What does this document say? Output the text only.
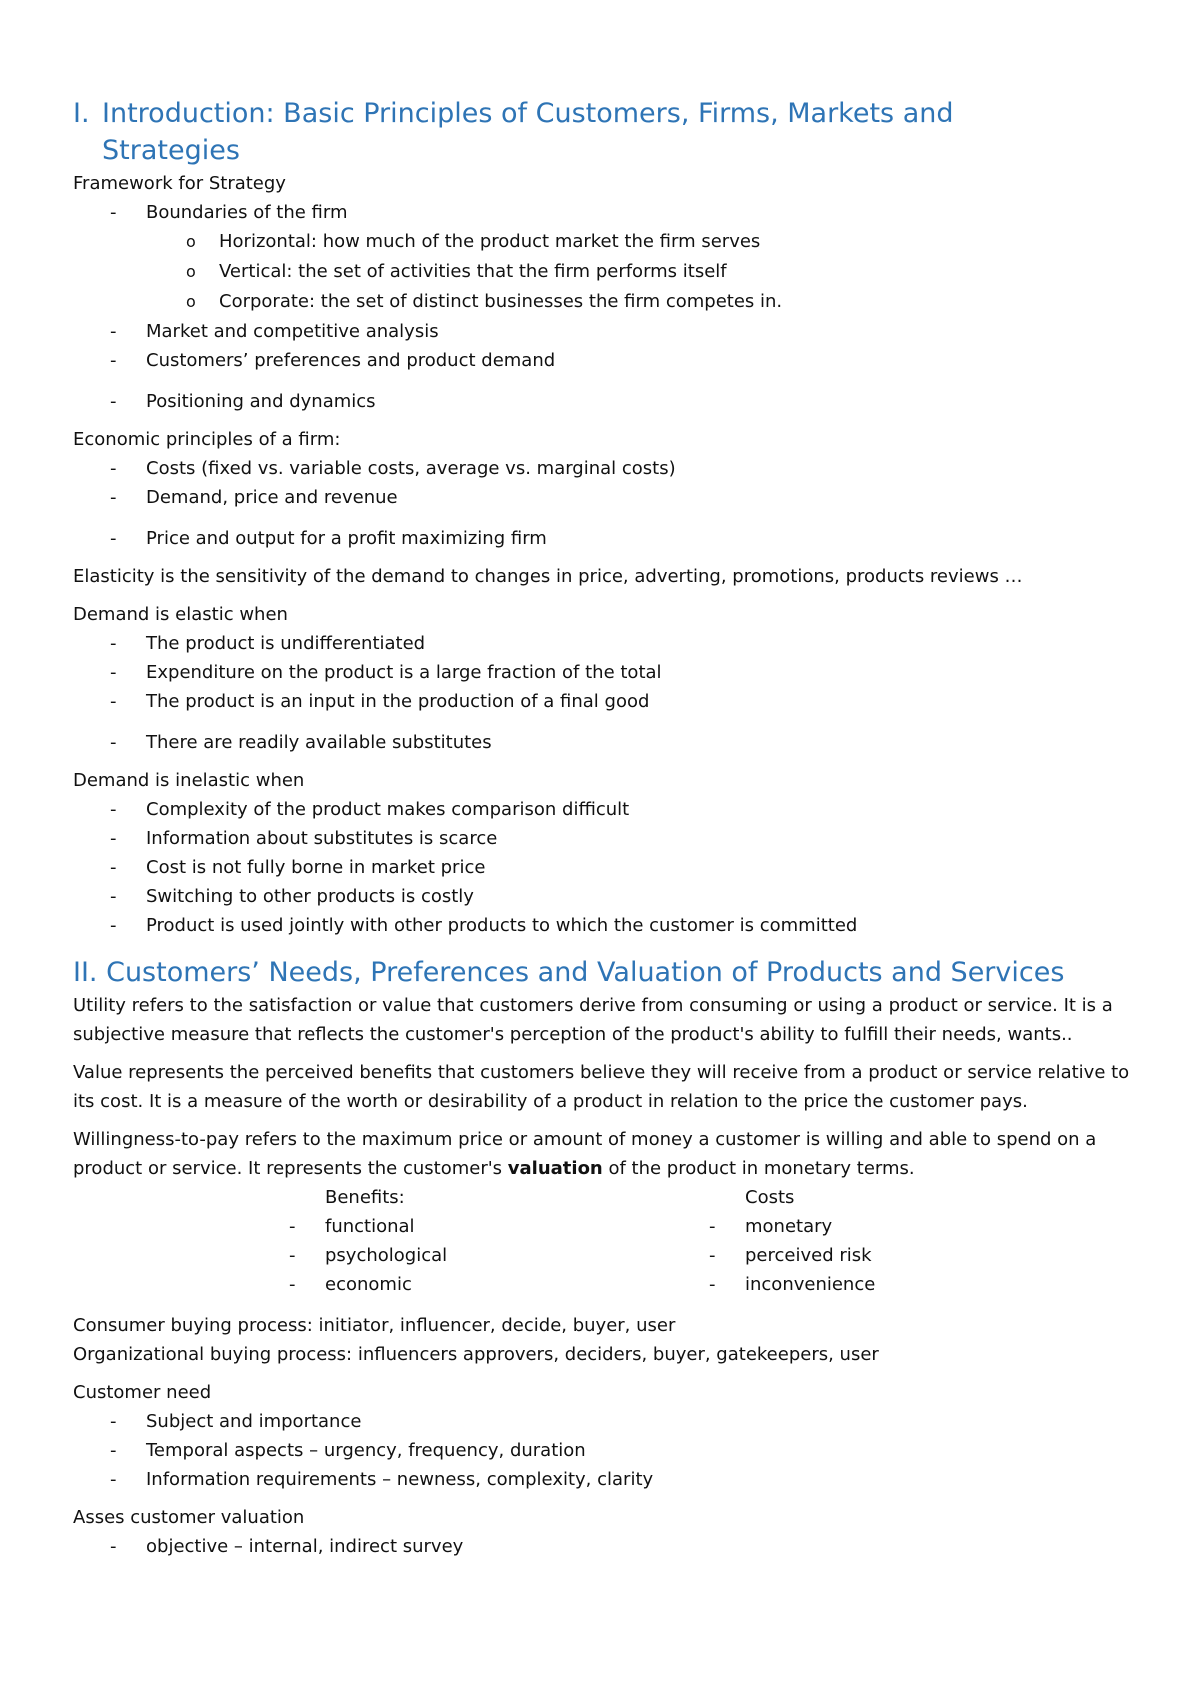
I. Introduction: Basic Principles of Customers, Firms, Markets and
Strategies

Framework for Strategy

- Boundaries of the firm
o Horizontal: how much of the product market the firm serves
o Vertical: the set of activities that the firm performs itself
o Corporate: the set of distinct businesses the firm competes in.
- Market and competitive analysis
- Customers’ preferences and product demand
- Positioning and dynamics

Economic principles of a firm:

- Costs (fixed vs. variable costs, average vs. marginal costs)
- Demand, price and revenue
- Price and output for a profit maximizing firm

Elasticity is the sensitivity of the demand to changes in price, adverting, promotions, products reviews …

Demand is elastic when

- The product is undifferentiated
- Expenditure on the product is a large fraction of the total
- The product is an input in the production of a final good
- There are readily available substitutes

Demand is inelastic when

- Complexity of the product makes comparison difficult
- Information about substitutes is scarce
- Cost is not fully borne in market price
- Switching to other products is costly
- Product is used jointly with other products to which the customer is committed
II. Customers’ Needs, Preferences and Valuation of Products and Services

Utility refers to the satisfaction or value that customers derive from consuming or using a product or service. It is a subjective measure that reflects the customer's perception of the product's ability to fulfill their needs, wants..

Value represents the perceived benefits that customers believe they will receive from a product or service relative to its cost. It is a measure of the worth or desirability of a product in relation to the price the customer pays.

Willingness-to-pay refers to the maximum price or amount of money a customer is willing and able to spend on a product or service. It represents the customer's valuation of the product in monetary terms.

Benefits:
- functional
- psychological
- economic
Costs
- monetary
- perceived risk
- inconvenience

Consumer buying process: initiator, influencer, decide, buyer, user

Organizational buying process: influencers approvers, deciders, buyer, gatekeepers, user

Customer need

- Subject and importance
- Temporal aspects – urgency, frequency, duration
- Information requirements – newness, complexity, clarity

Asses customer valuation

- objective – internal, indirect survey
